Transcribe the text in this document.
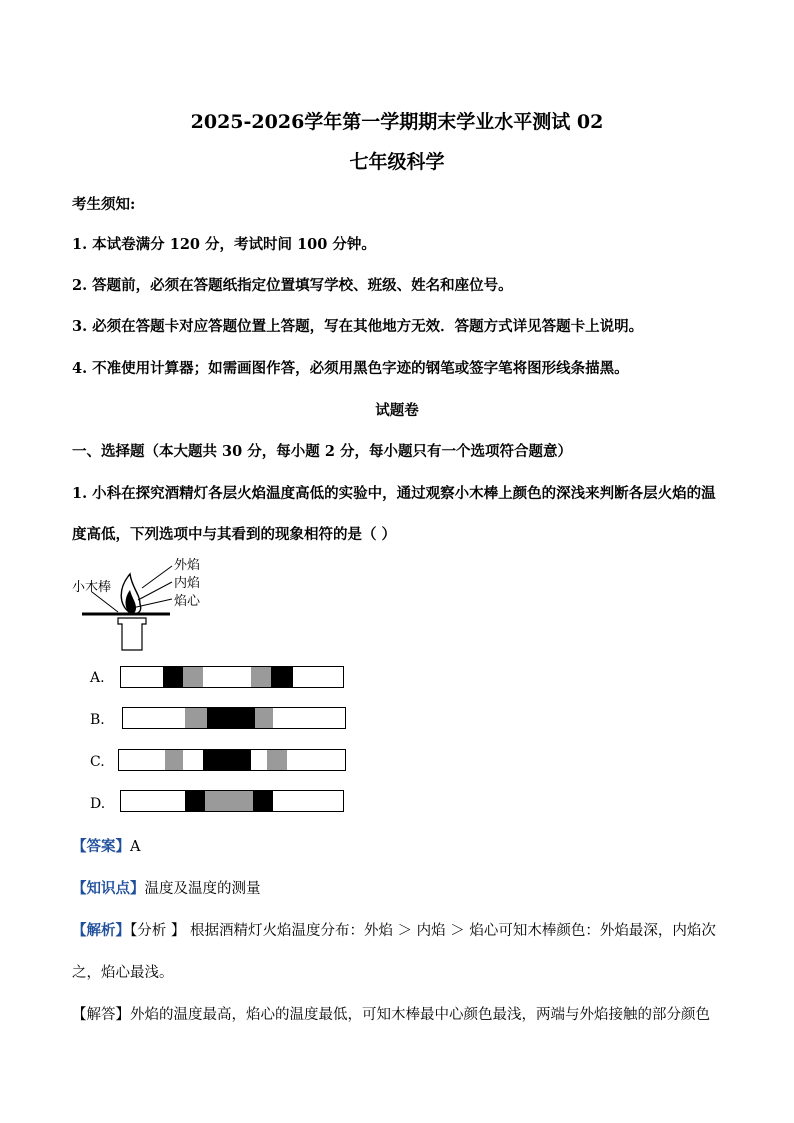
2025-2026学年第一学期期末学业水平测试 02
七年级科学
考生须知:
1. 本试卷满分 120 分，考试时间 100 分钟。
2. 答题前，必须在答题纸指定位置填写学校、班级、姓名和座位号。
3. 必须在答题卡对应答题位置上答题，写在其他地方无效．答题方式详见答题卡上说明。
4. 不准使用计算器；如需画图作答，必须用黑色字迹的钢笔或签字笔将图形线条描黑。
试题卷
一、选择题（本大题共 30 分，每小题 2 分，每小题只有一个选项符合题意）
1. 小科在探究酒精灯各层火焰温度高低的实验中，通过观察小木棒上颜色的深浅来判断各层火焰的温
度高低，下列选项中与其看到的现象相符的是（ ）
小木棒
外焰
内焰
焰心
A.
B.
C.
D.
【答案】A
【知识点】温度及温度的测量
【解析】【分析 】 根据酒精灯火焰温度分布：外焰 ＞ 内焰 ＞ 焰心可知木棒颜色：外焰最深，内焰次
之，焰心最浅。
【解答】外焰的温度最高，焰心的温度最低，可知木棒最中心颜色最浅，两端与外焰接触的部分颜色
